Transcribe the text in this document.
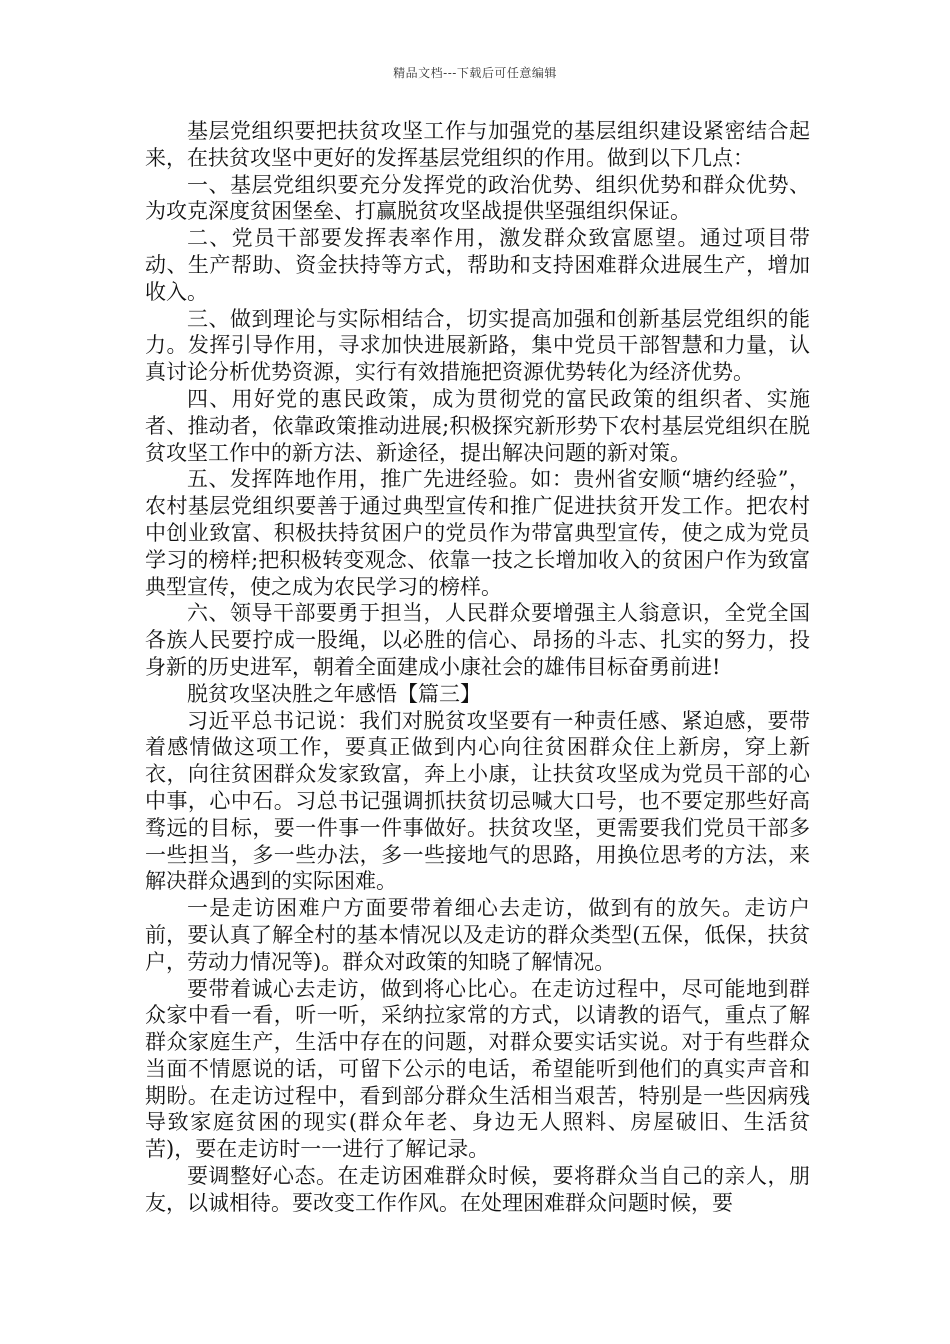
精品文档---下载后可任意编辑

基层党组织要把扶贫攻坚工作与加强党的基层组织建设紧密结合起来，在扶贫攻坚中更好的发挥基层党组织的作用。做到以下几点：

一、基层党组织要充分发挥党的政治优势、组织优势和群众优势、为攻克深度贫困堡垒、打赢脱贫攻坚战提供坚强组织保证。

二、党员干部要发挥表率作用，激发群众致富愿望。通过项目带动、生产帮助、资金扶持等方式，帮助和支持困难群众进展生产，增加收入。

三、做到理论与实际相结合，切实提高加强和创新基层党组织的能力。发挥引导作用，寻求加快进展新路，集中党员干部智慧和力量，认真讨论分析优势资源，实行有效措施把资源优势转化为经济优势。

四、用好党的惠民政策，成为贯彻党的富民政策的组织者、实施者、推动者，依靠政策推动进展;积极探究新形势下农村基层党组织在脱贫攻坚工作中的新方法、新途径，提出解决问题的新对策。

五、发挥阵地作用，推广先进经验。如：贵州省安顺“塘约经验”，农村基层党组织要善于通过典型宣传和推广促进扶贫开发工作。把农村中创业致富、积极扶持贫困户的党员作为带富典型宣传，使之成为党员学习的榜样;把积极转变观念、依靠一技之长增加收入的贫困户作为致富典型宣传，使之成为农民学习的榜样。

六、领导干部要勇于担当，人民群众要增强主人翁意识，全党全国各族人民要拧成一股绳，以必胜的信心、昂扬的斗志、扎实的努力，投身新的历史进军，朝着全面建成小康社会的雄伟目标奋勇前进!

脱贫攻坚决胜之年感悟【篇三】

习近平总书记说：我们对脱贫攻坚要有一种责任感、紧迫感，要带着感情做这项工作，要真正做到内心向往贫困群众住上新房，穿上新衣，向往贫困群众发家致富，奔上小康，让扶贫攻坚成为党员干部的心中事，心中石。习总书记强调抓扶贫切忌喊大口号，也不要定那些好高骛远的目标，要一件事一件事做好。扶贫攻坚，更需要我们党员干部多一些担当，多一些办法，多一些接地气的思路，用换位思考的方法，来解决群众遇到的实际困难。

一是走访困难户方面要带着细心去走访，做到有的放矢。走访户前，要认真了解全村的基本情况以及走访的群众类型(五保，低保，扶贫户，劳动力情况等)。群众对政策的知晓了解情况。

要带着诚心去走访，做到将心比心。在走访过程中，尽可能地到群众家中看一看，听一听，采纳拉家常的方式，以请教的语气，重点了解群众家庭生产，生活中存在的问题，对群众要实话实说。对于有些群众当面不情愿说的话，可留下公示的电话，希望能听到他们的真实声音和期盼。在走访过程中，看到部分群众生活相当艰苦，特别是一些因病残导致家庭贫困的现实(群众年老、身边无人照料、房屋破旧、生活贫苦)，要在走访时一一进行了解记录。

要调整好心态。在走访困难群众时候，要将群众当自己的亲人，朋友，以诚相待。要改变工作作风。在处理困难群众问题时候，要
